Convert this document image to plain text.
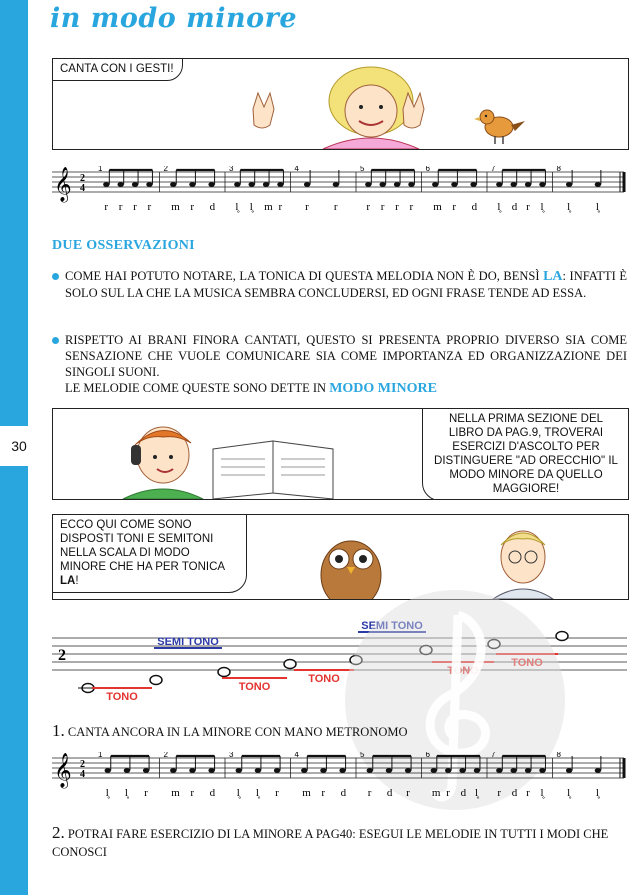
30
in modo minore
CANTA CON I GESTI!
𝄞 2
4
1
r r r r
2
m r d
3
l̥ l̥ m r
4
r r
5
r r r r
6
m r d
7
l̥ d r l̥
8
l̥ l̥
DUE OSSERVAZIONI
COME HAI POTUTO NOTARE, LA TONICA DI QUESTA MELODIA NON È DO, BENSÌ LA: INFATTI È SOLO SUL LA CHE LA MUSICA SEMBRA CONCLUDERSI, ED OGNI FRASE TENDE AD ESSA.
RISPETTO AI BRANI FINORA CANTATI, QUESTO SI PRESENTA PROPRIO DIVERSO SIA COME SENSAZIONE CHE VUOLE COMUNICARE SIA COME IMPORTANZA ED ORGANIZZAZIONE DEI SINGOLI SUONI.
LE MELODIE COME QUESTE SONO DETTE IN MODO MINORE
NELLA PRIMA SEZIONE DEL LIBRO DA PAG.9, TROVERAI ESERCIZI D'ASCOLTO PER DISTINGUERE "AD ORECCHIO" IL MODO MINORE DA QUELLO MAGGIORE!
ECCO QUI COME SONO DISPOSTI TONI E SEMITONI NELLA SCALA DI MODO MINORE CHE HA PER TONICA LA!
2
TONO
TONO
TONO
TONO
TONO
SEMI TONO
SEMI TONO
1. CANTA ANCORA IN LA MINORE CON MANO METRONOMO
𝄞 2
4
1
l̥ l̥ r
2
m r d
3
l̥ l̥ r
4
m r d
5
r d r
6
m r d l̥
7
r d r l̥
8
l̥ l̥
2. POTRAI FARE ESERCIZIO DI LA MINORE A PAG40: ESEGUI LE MELODIE IN TUTTI I MODI CHE CONOSCI
